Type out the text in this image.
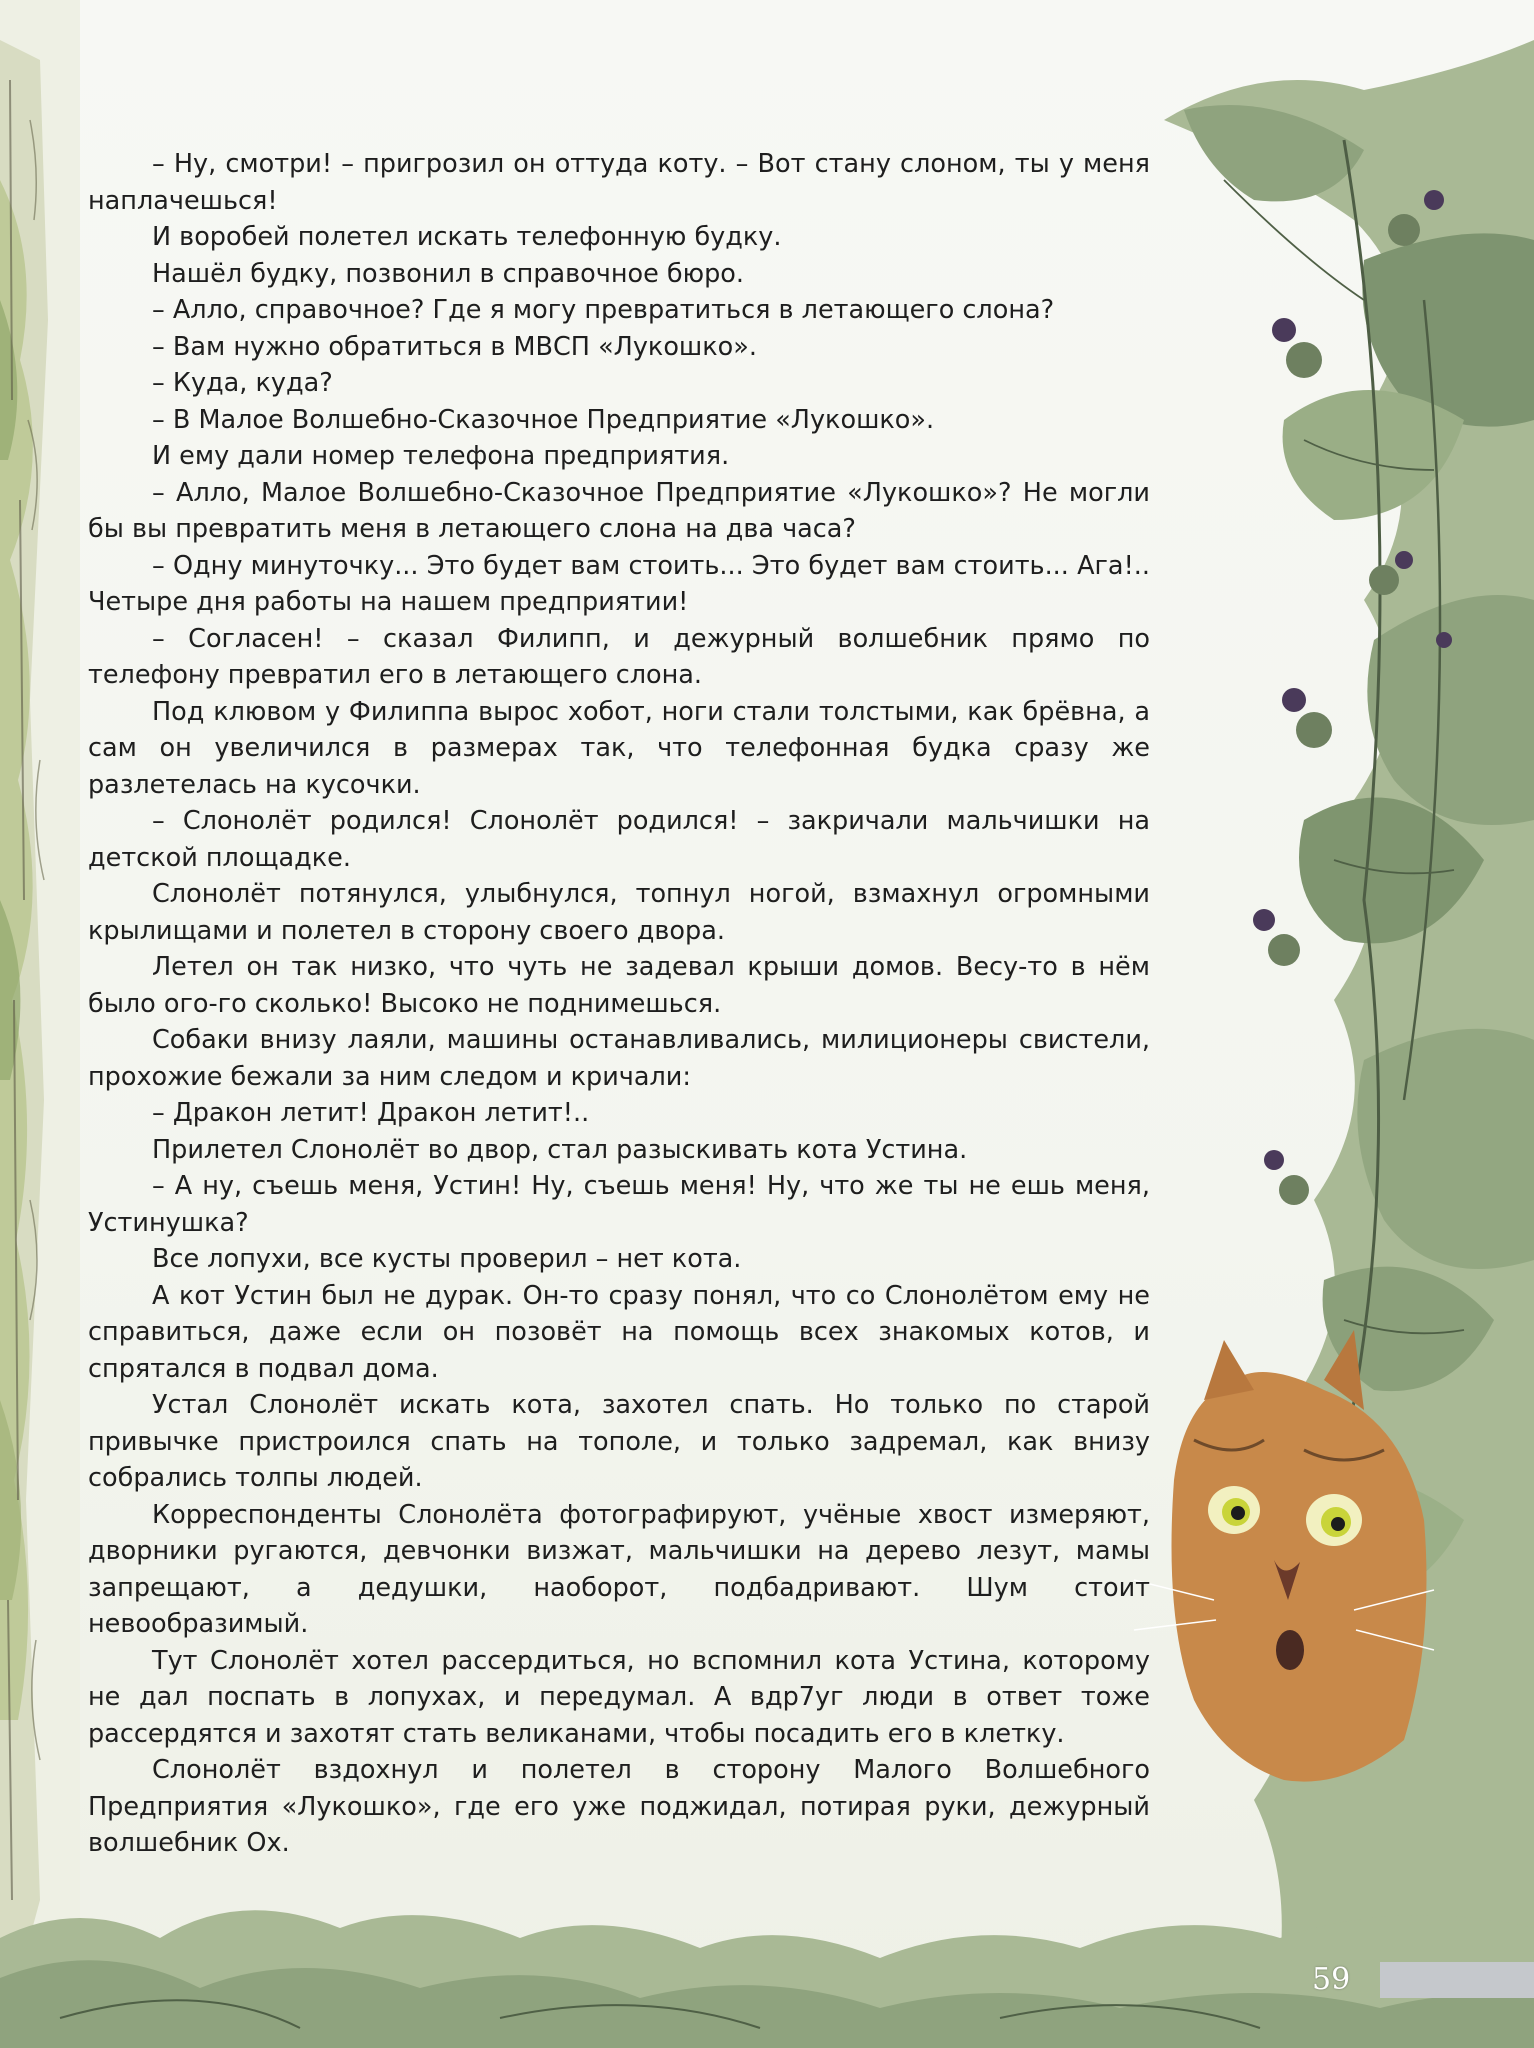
– Ну, смотри! – пригрозил он оттуда коту. – Вот стану слоном, ты у меня наплачешься!

И воробей полетел искать телефонную будку.

Нашёл будку, позвонил в справочное бюро.

– Алло, справочное? Где я могу превратиться в летающего слона?

– Вам нужно обратиться в МВСП «Лукошко».

– Куда, куда?

– В Малое Волшебно-Сказочное Предприятие «Лукошко».

И ему дали номер телефона предприятия.

– Алло, Малое Волшебно-Сказочное Предприятие «Лукошко»? Не могли бы вы превратить меня в летающего слона на два часа?

– Одну минуточку... Это будет вам стоить... Это будет вам стоить... Ага!.. Четыре дня работы на нашем предприятии!

– Согласен! – сказал Филипп, и дежурный волшебник прямо по телефону превратил его в летающего слона.

Под клювом у Филиппа вырос хобот, ноги стали толстыми, как брёвна, а сам он увеличился в размерах так, что телефонная будка сразу же разлетелась на кусочки.

– Слонолёт родился! Слонолёт родился! – закричали мальчишки на детской площадке.

Слонолёт потянулся, улыбнулся, топнул ногой, взмахнул огромными крылищами и полетел в сторону своего двора.

Летел он так низко, что чуть не задевал крыши домов. Весу-то в нём было ого-го сколько! Высоко не поднимешься.

Собаки внизу лаяли, машины останавливались, милиционеры свистели, прохожие бежали за ним следом и кричали:

– Дракон летит! Дракон летит!..

Прилетел Слонолёт во двор, стал разыскивать кота Устина.

– А ну, съешь меня, Устин! Ну, съешь меня! Ну, что же ты не ешь меня, Устинушка?

Все лопухи, все кусты проверил – нет кота.

А кот Устин был не дурак. Он-то сразу понял, что со Слонолётом ему не справиться, даже если он позовёт на помощь всех знакомых котов, и спрятался в подвал дома.

Устал Слонолёт искать кота, захотел спать. Но только по старой привычке пристроился спать на тополе, и только задремал, как внизу собрались толпы людей.

Корреспонденты Слонолёта фотографируют, учёные хвост измеряют, дворники ругаются, девчонки визжат, мальчишки на дерево лезут, мамы запрещают, а дедушки, наоборот, подбадривают. Шум стоит невообразимый.

Тут Слонолёт хотел рассердиться, но вспомнил кота Устина, которому не дал поспать в лопухах, и передумал. А вдр7уг люди в ответ тоже рассердятся и захотят стать великанами, чтобы посадить его в клетку.

Слонолёт вздохнул и полетел в сторону Малого Волшебного Предприятия «Лукошко», где его уже поджидал, потирая руки, дежурный волшебник Ох.

59
